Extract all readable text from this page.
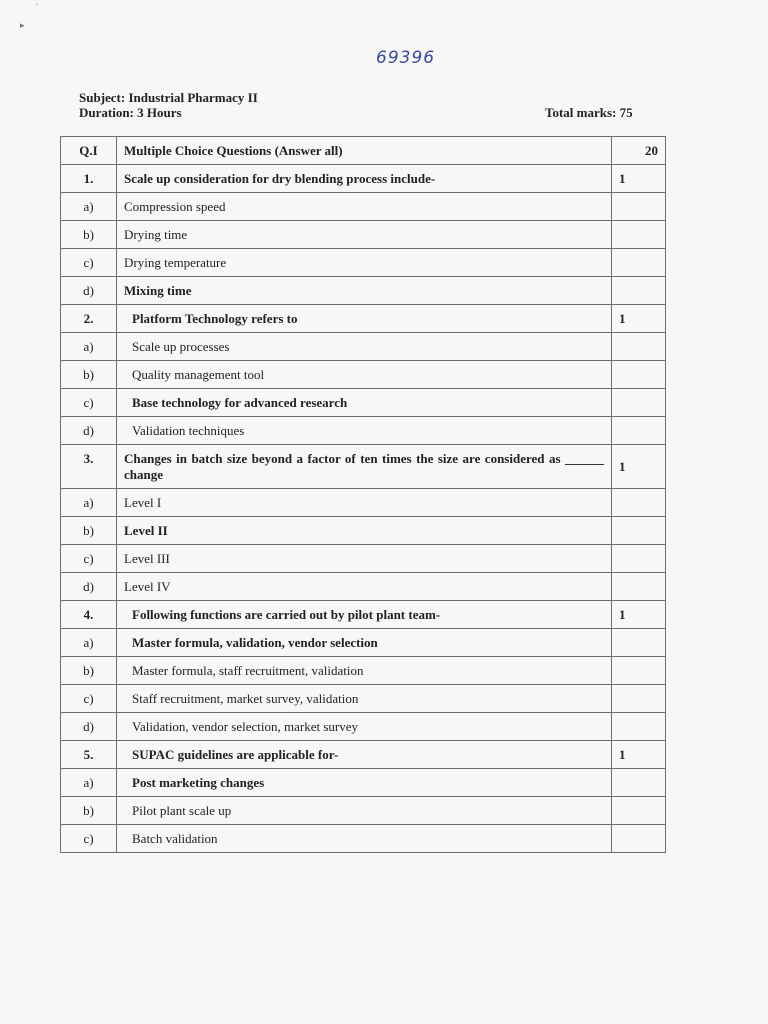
'
▸
69396
Subject: Industrial Pharmacy II
Duration: 3 Hours	Total marks: 75
Q.I	Multiple Choice Questions (Answer all)	20
1.	Scale up consideration for dry blending process include-	1
a)	Compression speed	
b)	Drying time	
c)	Drying temperature	
d)	Mixing time	
2.	Platform Technology refers to	1
a)	Scale up processes	
b)	Quality management tool	
c)	Base technology for advanced research	
d)	Validation techniques	
3.	Changes in batch size beyond a factor of ten times the size are considered as ______ change	1
a)	Level I	
b)	Level II	
c)	Level III	
d)	Level IV	
4.	Following functions are carried out by pilot plant team-	1
a)	Master formula, validation, vendor selection	
b)	Master formula, staff recruitment, validation	
c)	Staff recruitment, market survey, validation	
d)	Validation, vendor selection, market survey	
5.	SUPAC guidelines are applicable for-	1
a)	Post marketing changes	
b)	Pilot plant scale up	
c)	Batch validation	
